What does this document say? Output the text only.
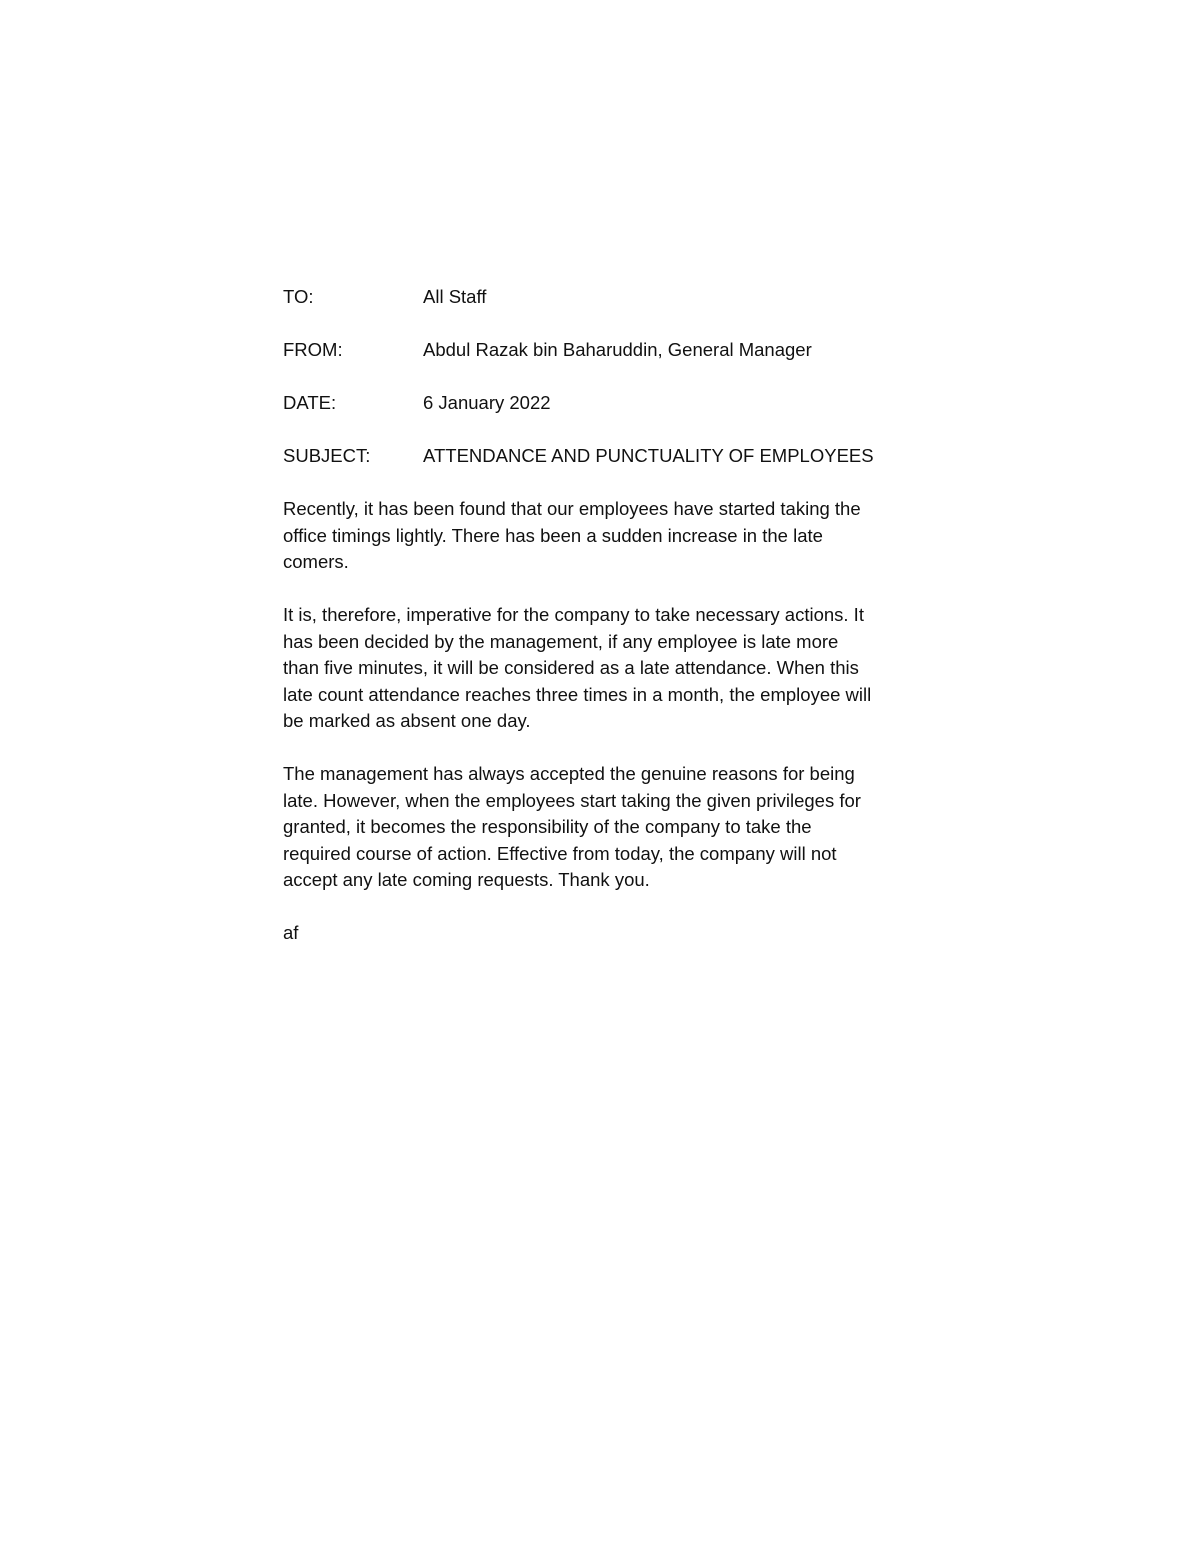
TO:	All Staff
FROM:	Abdul Razak bin Baharuddin, General Manager
DATE:	6 January 2022
SUBJECT:	ATTENDANCE AND PUNCTUALITY OF EMPLOYEES

Recently, it has been found that our employees have started taking the
office timings lightly. There has been a sudden increase in the late
comers.

It is, therefore, imperative for the company to take necessary actions. It
has been decided by the management, if any employee is late more
than five minutes, it will be considered as a late attendance. When this
late count attendance reaches three times in a month, the employee will
be marked as absent one day.

The management has always accepted the genuine reasons for being
late. However, when the employees start taking the given privileges for
granted, it becomes the responsibility of the company to take the
required course of action. Effective from today, the company will not
accept any late coming requests. Thank you.

af
